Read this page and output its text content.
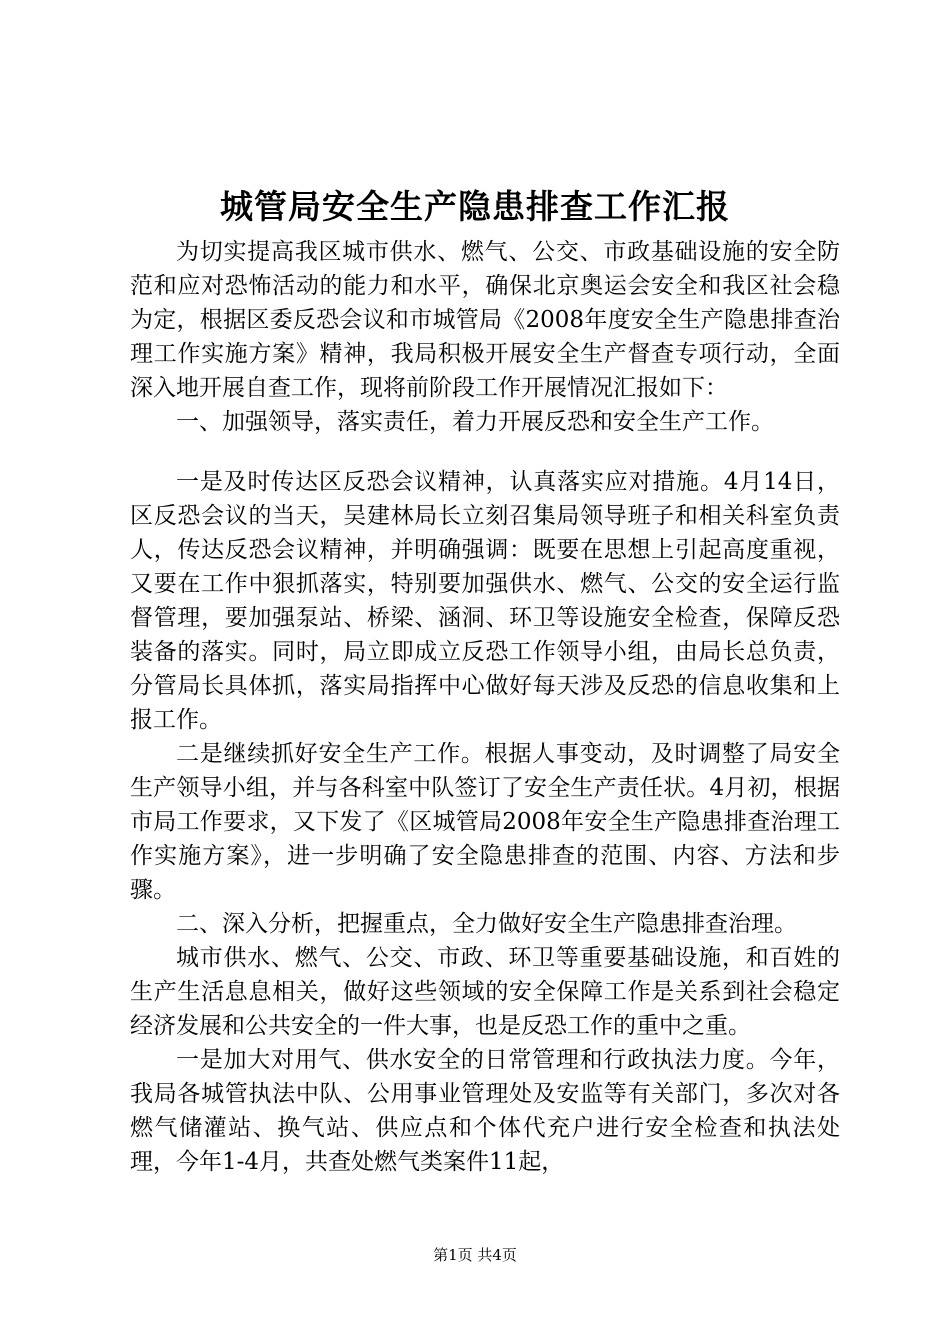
城管局安全生产隐患排查工作汇报

为切实提高我区城市供水、燃气、公交、市政基础设施的安全防范和应对恐怖活动的能力和水平，确保北京奥运会安全和我区社会稳为定，根据区委反恐会议和市城管局《2008年度安全生产隐患排查治理工作实施方案》精神，我局积极开展安全生产督查专项行动，全面深入地开展自查工作，现将前阶段工作开展情况汇报如下：

一、加强领导，落实责任，着力开展反恐和安全生产工作。

一是及时传达区反恐会议精神，认真落实应对措施。4月14日，区反恐会议的当天，吴建林局长立刻召集局领导班子和相关科室负责人，传达反恐会议精神，并明确强调：既要在思想上引起高度重视，又要在工作中狠抓落实，特别要加强供水、燃气、公交的安全运行监督管理，要加强泵站、桥梁、涵洞、环卫等设施安全检查，保障反恐装备的落实。同时，局立即成立反恐工作领导小组，由局长总负责，分管局长具体抓，落实局指挥中心做好每天涉及反恐的信息收集和上报工作。

二是继续抓好安全生产工作。根据人事变动，及时调整了局安全生产领导小组，并与各科室中队签订了安全生产责任状。4月初，根据市局工作要求，又下发了《区城管局2008年安全生产隐患排查治理工作实施方案》，进一步明确了安全隐患排查的范围、内容、方法和步骤。

二、深入分析，把握重点，全力做好安全生产隐患排查治理。

城市供水、燃气、公交、市政、环卫等重要基础设施，和百姓的生产生活息息相关，做好这些领域的安全保障工作是关系到社会稳定经济发展和公共安全的一件大事，也是反恐工作的重中之重。

一是加大对用气、供水安全的日常管理和行政执法力度。今年，我局各城管执法中队、公用事业管理处及安监等有关部门，多次对各燃气储灌站、换气站、供应点和个体代充户进行安全检查和执法处理，今年1-4月，共查处燃气类案件11起，

第1页 共4页
